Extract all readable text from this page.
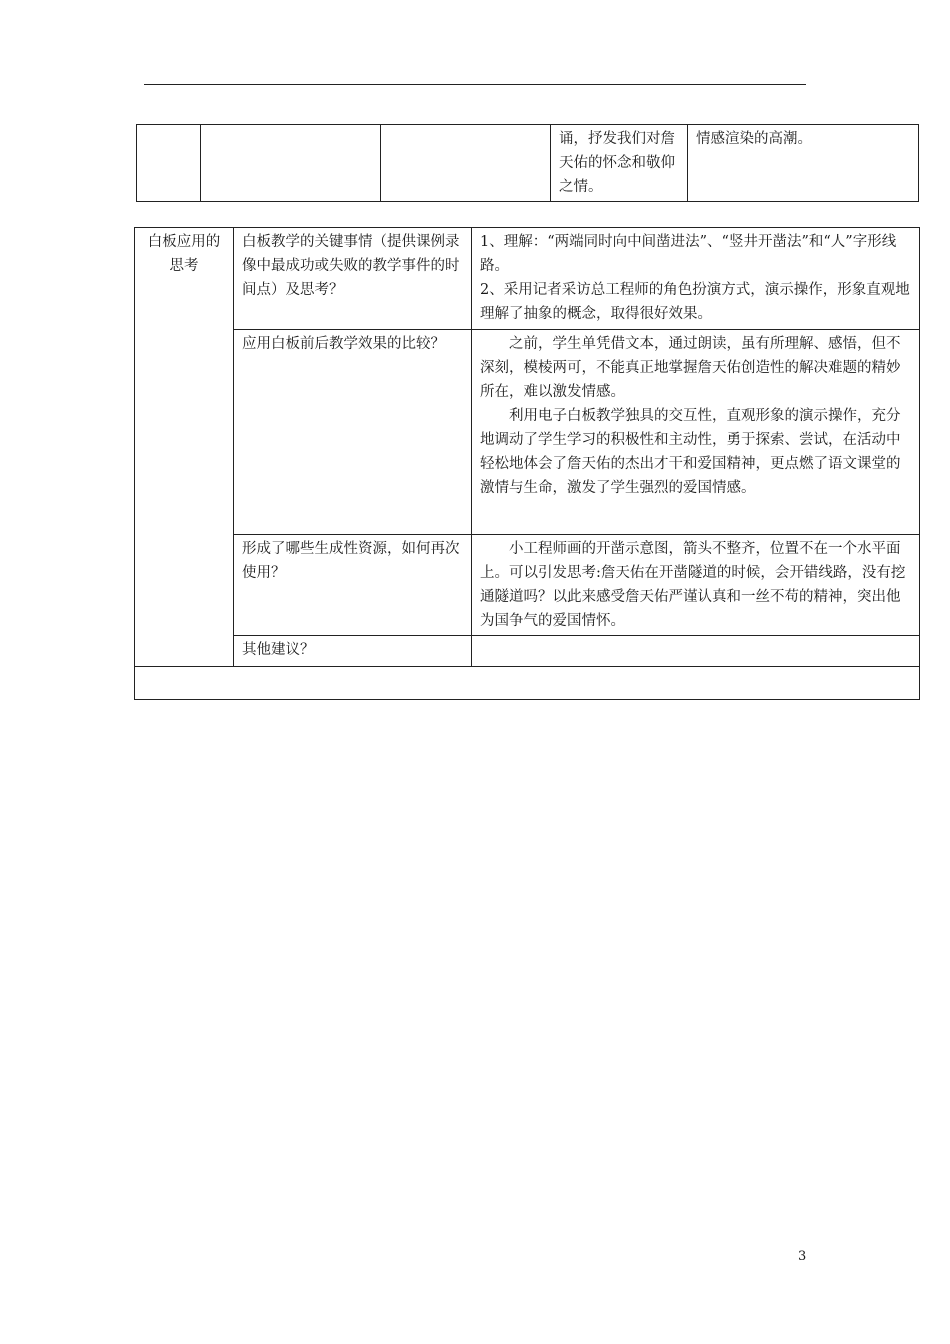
			诵，抒发我们对詹天佑的怀念和敬仰之情。	情感渲染的高潮。
白板应用的思考	白板教学的关键事情（提供课例录像中最成功或失败的教学事件的时间点）及思考？	1、理解：“两端同时向中间凿进法”、“竖井开凿法”和“人”字形线路。

2、采用记者采访总工程师的角色扮演方式，演示操作，形象直观地理解了抽象的概念，取得很好效果。

	应用白板前后教学效果的比较？	之前，学生单凭借文本，通过朗读，虽有所理解、感悟，但不深刻，模棱两可，不能真正地掌握詹天佑创造性的解决难题的精妙所在，难以激发情感。

利用电子白板教学独具的交互性，直观形象的演示操作，充分地调动了学生学习的积极性和主动性，勇于探索、尝试，在活动中轻松地体会了詹天佑的杰出才干和爱国精神，更点燃了语文课堂的激情与生命，激发了学生强烈的爱国情感。

	形成了哪些生成性资源，如何再次使用？	小工程师画的开凿示意图，箭头不整齐，位置不在一个水平面上。可以引发思考:詹天佑在开凿隧道的时候，会开错线路，没有挖通隧道吗？以此来感受詹天佑严谨认真和一丝不苟的精神，突出他为国争气的爱国情怀。

	其他建议？	

3
